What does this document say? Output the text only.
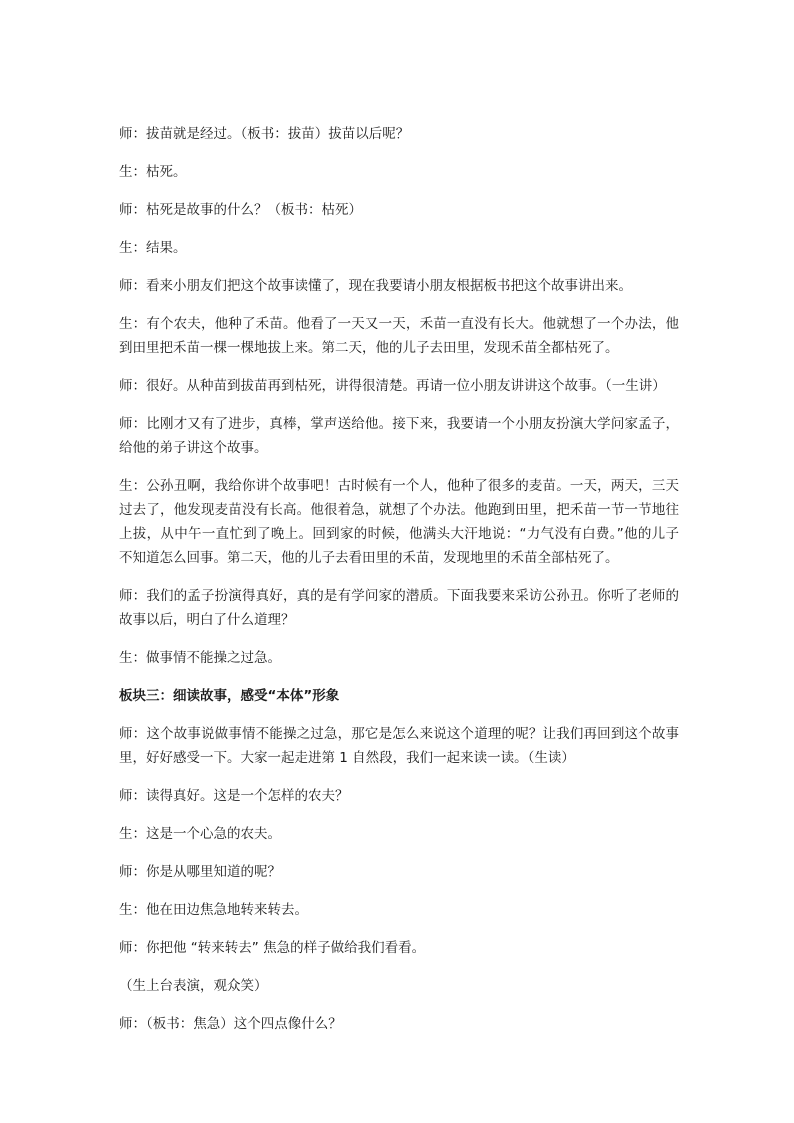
师：拔苗就是经过。（板书：拔苗）拔苗以后呢？

生：枯死。

师：枯死是故事的什么？（板书：枯死）

生：结果。

师：看来小朋友们把这个故事读懂了，现在我要请小朋友根据板书把这个故事讲出来。

生：有个农夫，他种了禾苗。他看了一天又一天，禾苗一直没有长大。他就想了一个办法，他到田里把禾苗一棵一棵地拔上来。第二天，他的儿子去田里，发现禾苗全都枯死了。

师：很好。从种苗到拔苗再到枯死，讲得很清楚。再请一位小朋友讲讲这个故事。（一生讲）

师：比刚才又有了进步，真棒，掌声送给他。接下来，我要请一个小朋友扮演大学问家孟子，给他的弟子讲这个故事。

生：公孙丑啊，我给你讲个故事吧！古时候有一个人，他种了很多的麦苗。一天，两天，三天过去了，他发现麦苗没有长高。他很着急，就想了个办法。他跑到田里，把禾苗一节一节地往上拔，从中午一直忙到了晚上。回到家的时候，他满头大汗地说：“力气没有白费。”他的儿子不知道怎么回事。第二天，他的儿子去看田里的禾苗，发现地里的禾苗全部枯死了。

师：我们的孟子扮演得真好，真的是有学问家的潜质。下面我要来采访公孙丑。你听了老师的故事以后，明白了什么道理？

生：做事情不能操之过急。

板块三：细读故事，感受“本体”形象

师：这个故事说做事情不能操之过急，那它是怎么来说这个道理的呢？让我们再回到这个故事里，好好感受一下。大家一起走进第 1 自然段，我们一起来读一读。（生读）

师：读得真好。这是一个怎样的农夫？

生：这是一个心急的农夫。

师：你是从哪里知道的呢？

生：他在田边焦急地转来转去。

师：你把他 “转来转去” 焦急的样子做给我们看看。

（生上台表演，观众笑）

师：（板书：焦急）这个四点像什么？
